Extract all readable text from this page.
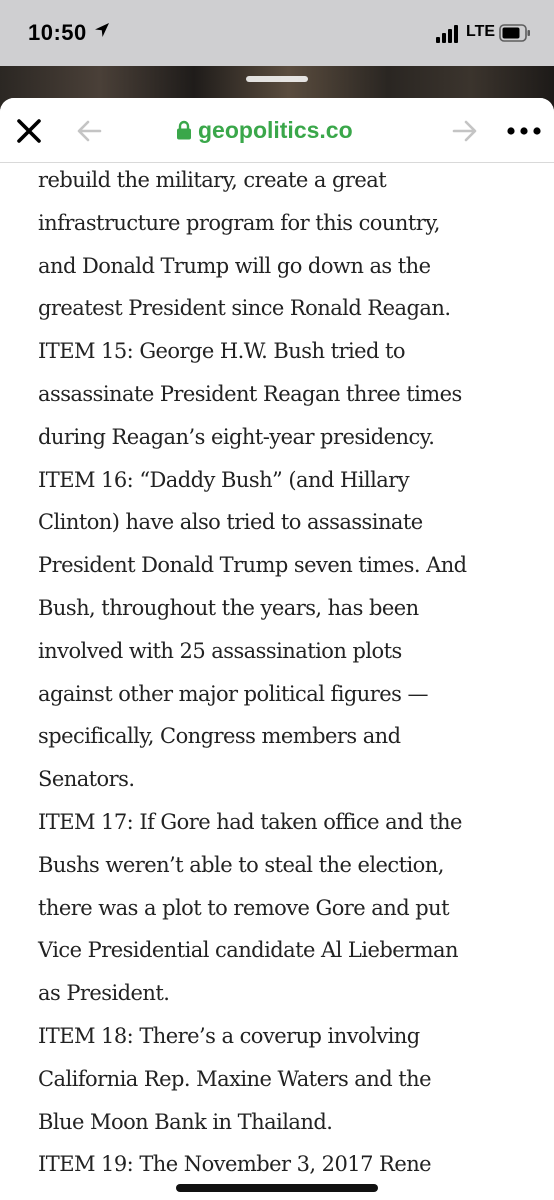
10:50	LTE
geopolitics.co
rebuild the military, create a great
infrastructure program for this country,
and Donald Trump will go down as the
greatest President since Ronald Reagan.
ITEM 15: George H.W. Bush tried to
assassinate President Reagan three times
during Reagan’s eight-year presidency.
ITEM 16: “Daddy Bush” (and Hillary
Clinton) have also tried to assassinate
President Donald Trump seven times. And
Bush, throughout the years, has been
involved with 25 assassination plots
against other major political figures —
specifically, Congress members and
Senators.
ITEM 17: If Gore had taken office and the
Bushs weren’t able to steal the election,
there was a plot to remove Gore and put
Vice Presidential candidate Al Lieberman
as President.
ITEM 18: There’s a coverup involving
California Rep. Maxine Waters and the
Blue Moon Bank in Thailand.
ITEM 19: The November 3, 2017 Rene
